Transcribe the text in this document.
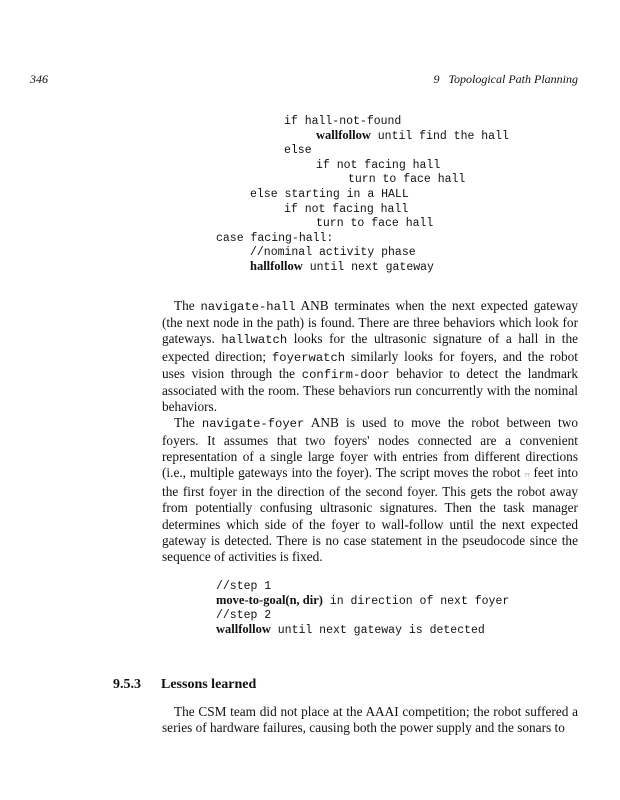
346	9   Topological Path Planning
if hall-not-found
wallfollow until find the hall
else
if not facing hall
turn to face hall
else starting in a HALL
if not facing hall
turn to face hall
case facing-hall:
//nominal activity phase
hallfollow until next gateway

The navigate-hall ANB terminates when the next expected gateway (the next node in the path) is found. There are three behaviors which look for gateways. hallwatch looks for the ultrasonic signature of a hall in the expected direction; foyerwatch similarly looks for foyers, and the robot uses vision through the confirm-door behavior to detect the landmark associated with the room. These behaviors run concurrently with the nominal behaviors.

The navigate-foyer ANB is used to move the robot between two foyers. It assumes that two foyers' nodes connected are a convenient representation of a single large foyer with entries from different directions (i.e., multiple gateways into the foyer). The script moves the robot ?? feet into the first foyer in the direction of the second foyer. This gets the robot away from potentially confusing ultrasonic signatures. Then the task manager determines which side of the foyer to wall-follow until the next expected gateway is detected. There is no case statement in the pseudocode since the sequence of activities is fixed.

//step 1
move-to-goal(n, dir) in direction of next foyer
//step 2
wallfollow until next gateway is detected
9.5.3 Lessons learned

The CSM team did not place at the AAAI competition; the robot suffered a series of hardware failures, causing both the power supply and the sonars to
